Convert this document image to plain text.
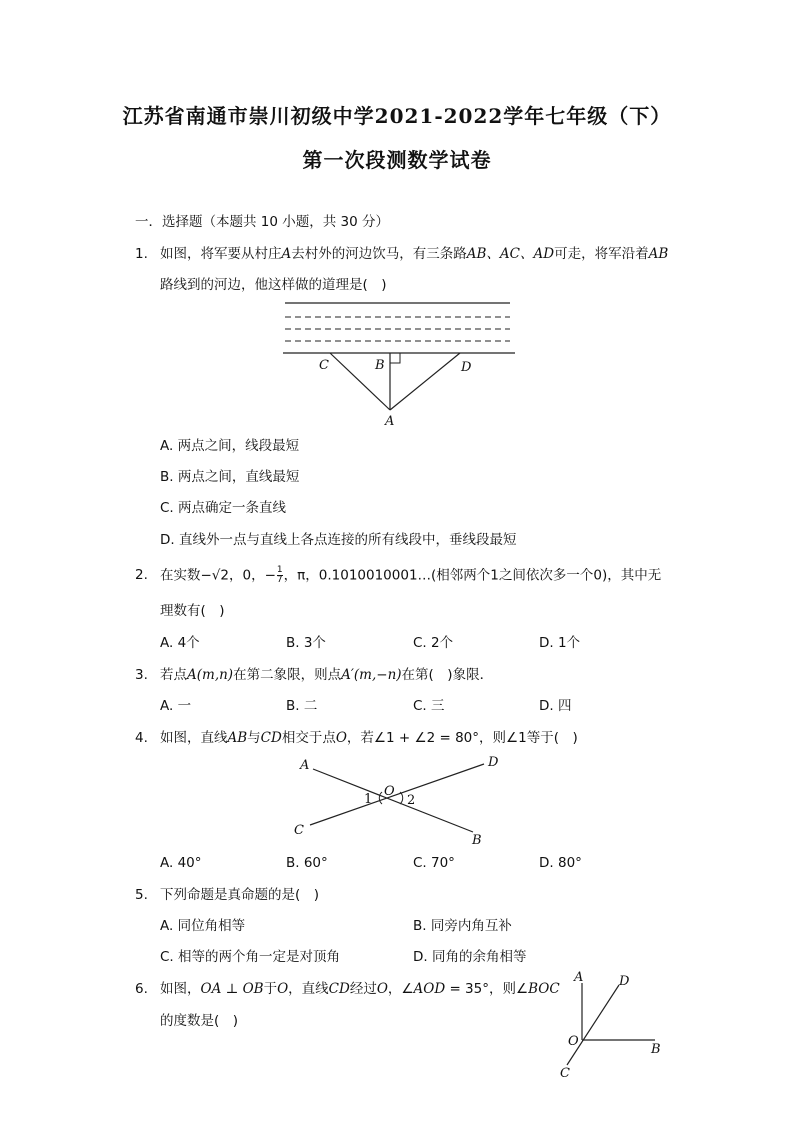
江苏省南通市崇川初级中学2021-2022学年七年级（下）
第一次段测数学试卷
一．选择题（本题共 10 小题，共 30 分）
1. 如图，将军要从村庄A去村外的河边饮马，有三条路AB、AC、AD可走，将军沿着AB
路线到的河边，他这样做的道理是(　)
C	B	D
A
A. 两点之间，线段最短
B. 两点之间，直线最短
C. 两点确定一条直线
D. 直线外一点与直线上各点连接的所有线段中，垂线段最短
2. 在实数−√2，0，− $\frac{1}{7}$ ，π，0.1010010001…(相邻两个1之间依次多一个0)，其中无
理数有(　)
A. 4个	B. 3个	C. 2个	D. 1个
3. 若点A(m,n)在第二象限，则点A′(m,−n)在第(　)象限．
A. 一	B. 二	C. 三	D. 四
4. 如图，直线AB与CD相交于点O，若∠1 + ∠2 = 80°，则∠1等于(　)
A	D
O
1	2
C
B
A. 40°	B. 60°	C. 70°	D. 80°
5. 下列命题是真命题的是(　)
A. 同位角相等	B. 同旁内角互补
C. 相等的两个角一定是对顶角	D. 同角的余角相等
6. 如图，OA ⊥ OB于O，直线CD经过O，∠AOD = 35°，则∠BOC
的度数是(　)
A	D
O
B
C
